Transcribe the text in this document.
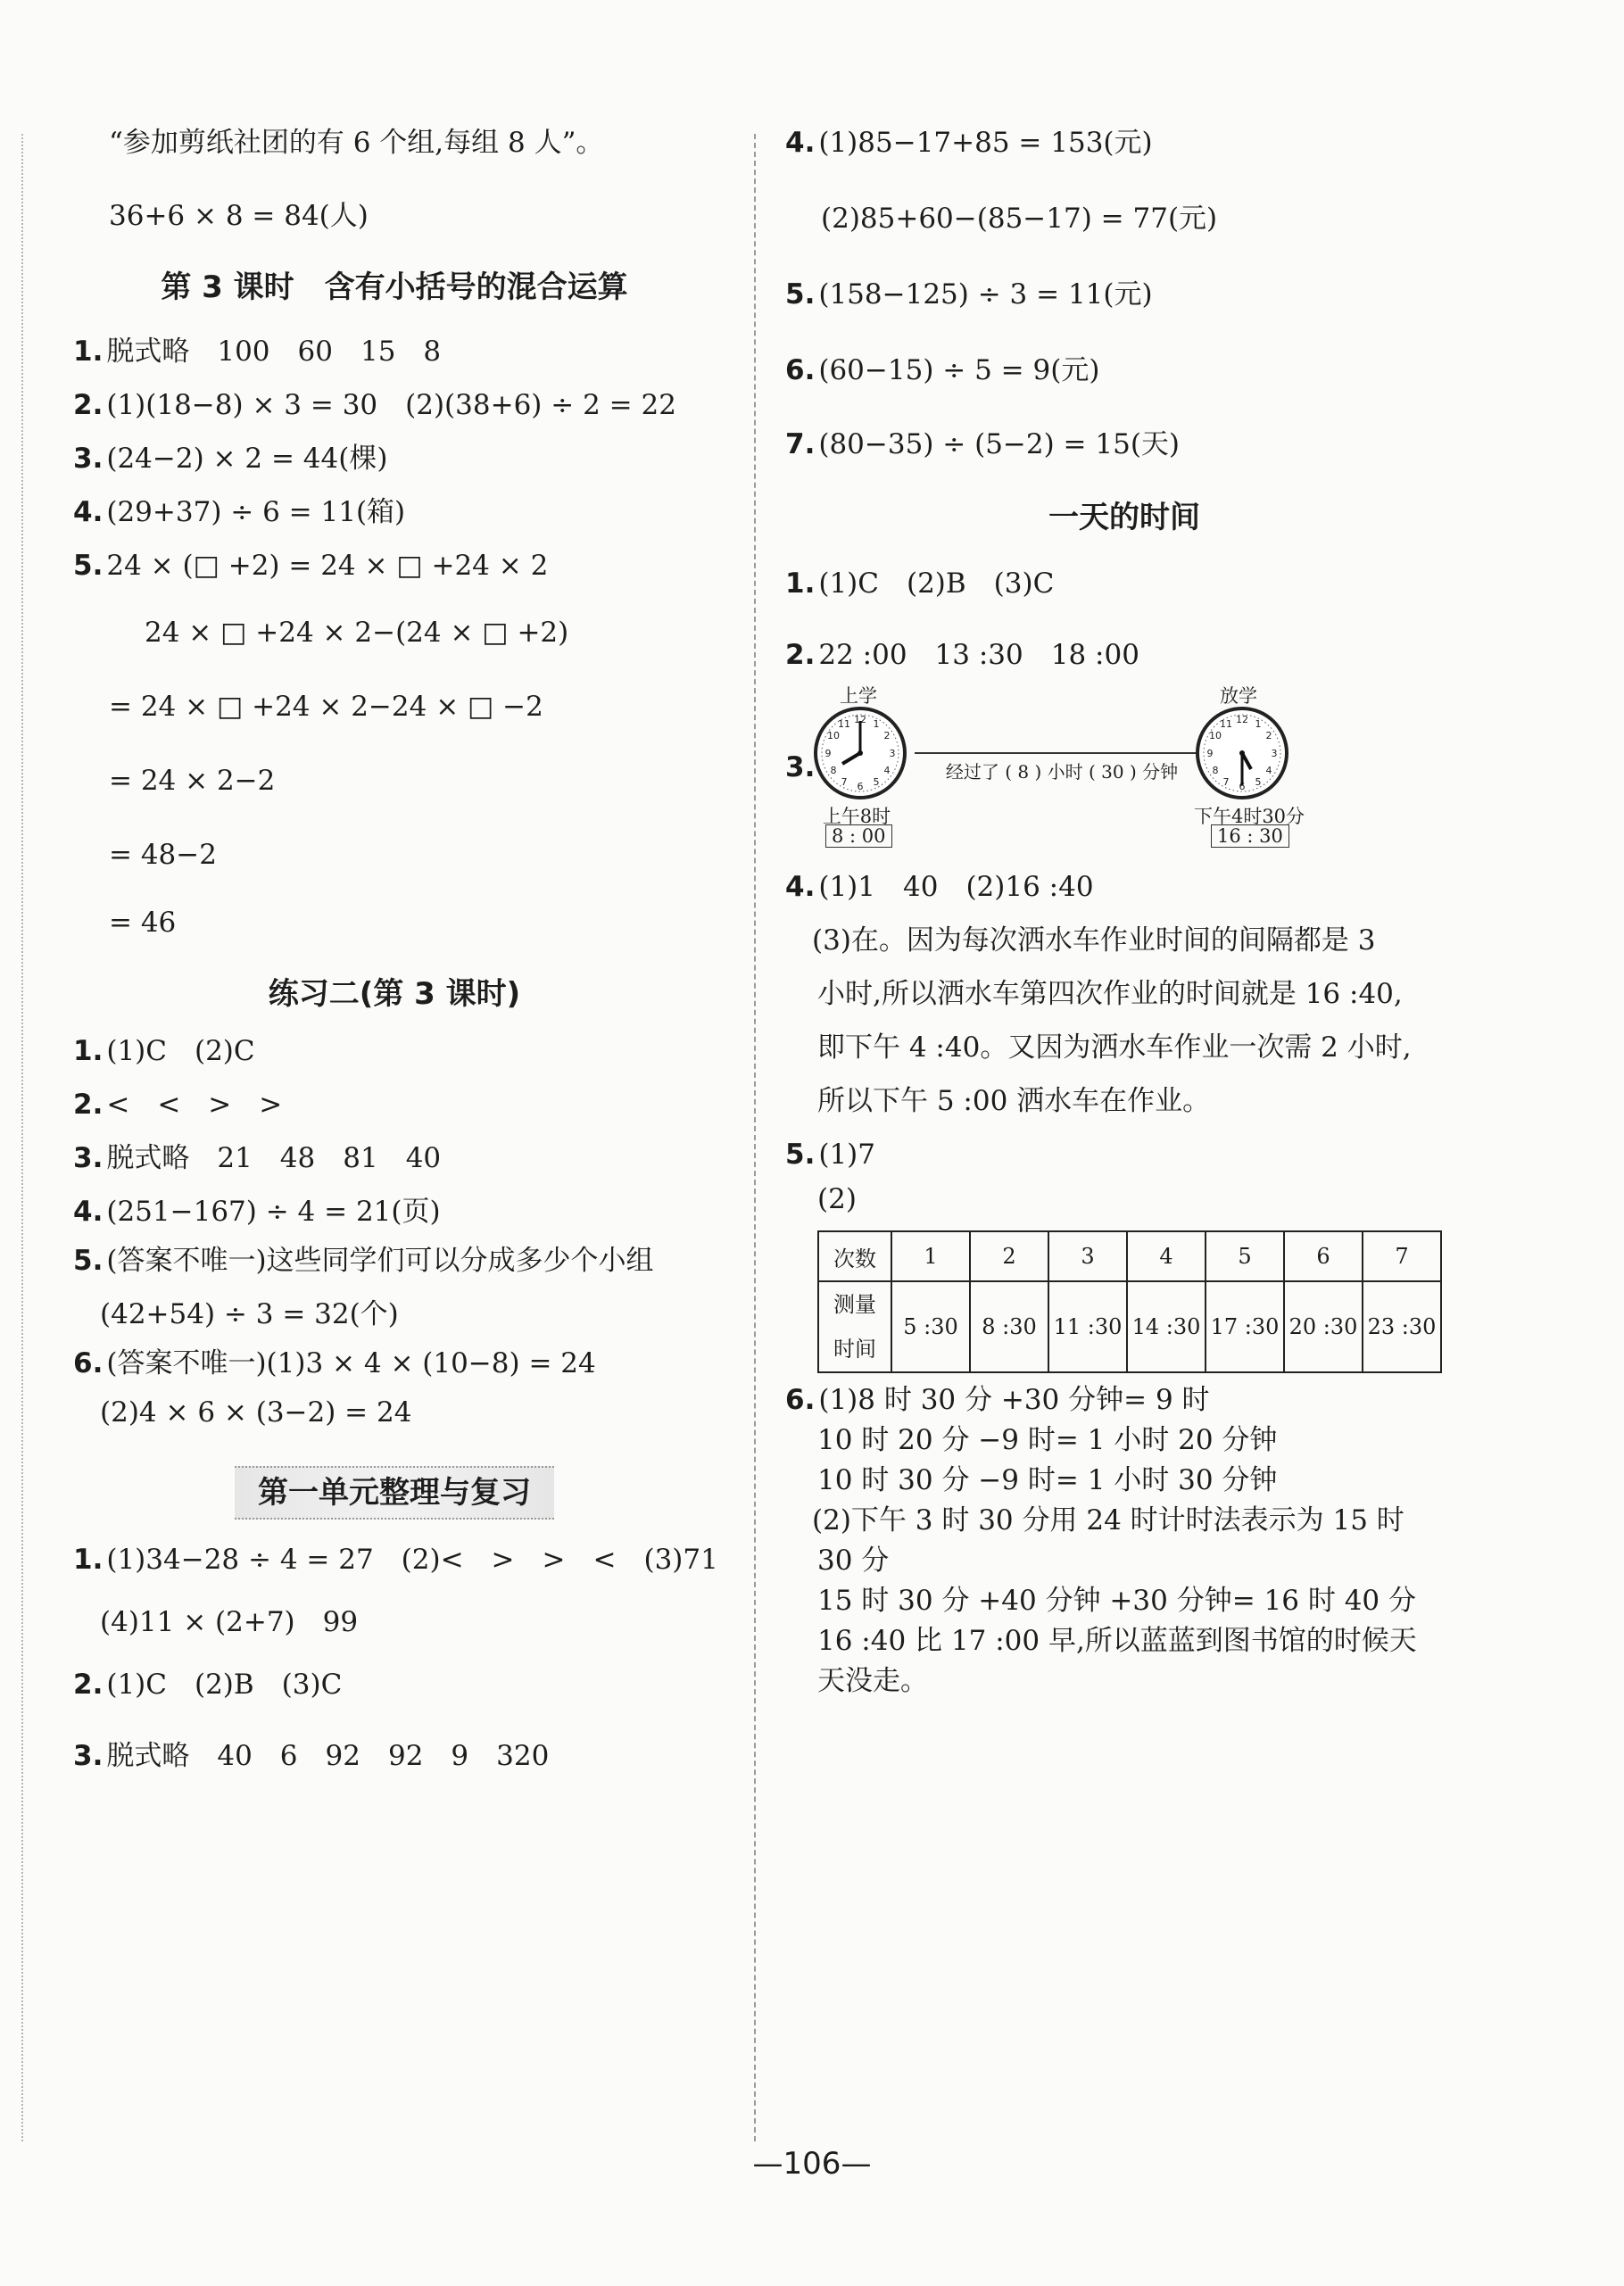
“参加剪纸社团的有 6 个组,每组 8 人”。
36+6 × 8 = 84(人)
第 3 课时　含有小括号的混合运算
1. 脱式略　100　60　15　8
2. (1)(18−8) × 3 = 30　(2)(38+6) ÷ 2 = 22
3. (24−2) × 2 = 44(棵)
4. (29+37) ÷ 6 = 11(箱)
5. 24 × (□ +2) = 24 × □ +24 × 2
24 × □ +24 × 2−(24 × □ +2)
= 24 × □ +24 × 2−24 × □ −2
= 24 × 2−2
= 48−2
= 46
练习二(第 3 课时)
1. (1)C　(2)C
2. <　<　>　>
3. 脱式略　21　48　81　40
4. (251−167) ÷ 4 = 21(页)
5. (答案不唯一)这些同学们可以分成多少个小组
(42+54) ÷ 3 = 32(个)
6. (答案不唯一)(1)3 × 4 × (10−8) = 24
(2)4 × 6 × (3−2) = 24
第一单元整理与复习
1. (1)34−28 ÷ 4 = 27　(2)<　>　>　<　(3)71
(4)11 × (2+7)　99
2. (1)C　(2)B　(3)C
3. 脱式略　40　6　92　92　9　320
4. (1)85−17+85 = 153(元)
(2)85+60−(85−17) = 77(元)
5. (158−125) ÷ 3 = 11(元)
6. (60−15) ÷ 5 = 9(元)
7. (80−35) ÷ (5−2) = 15(天)
一天的时间
1. (1)C　(2)B　(3)C
2. 22 :00　13 :30　18 :00
3.
上学
12 1
2
3
4
5
6
7
8
9
10
11
上午8时
8 : 00
经过了 ( 8 ) 小时 ( 30 ) 分钟
放学
12 1
2
3
4
5
6
7
8
9
10
11
下午4时30分
16 : 30
4. (1)1　40　(2)16 :40
(3)在。因为每次洒水车作业时间的间隔都是 3
小时,所以洒水车第四次作业的时间就是 16 :40,
即下午 4 :40。又因为洒水车作业一次需 2 小时,
所以下午 5 :00 洒水车在作业。
5. (1)7
(2)
次数	1	2	3	4	5	6	7
测量
时间	5 :30	8 :30	11 :30	14 :30	17 :30	20 :30	23 :30
6. (1)8 时 30 分 +30 分钟= 9 时
10 时 20 分 −9 时= 1 小时 20 分钟
10 时 30 分 −9 时= 1 小时 30 分钟
(2)下午 3 时 30 分用 24 时计时法表示为 15 时
30 分
15 时 30 分 +40 分钟 +30 分钟= 16 时 40 分
16 :40 比 17 :00 早,所以蓝蓝到图书馆的时候天
天没走。
—106—
